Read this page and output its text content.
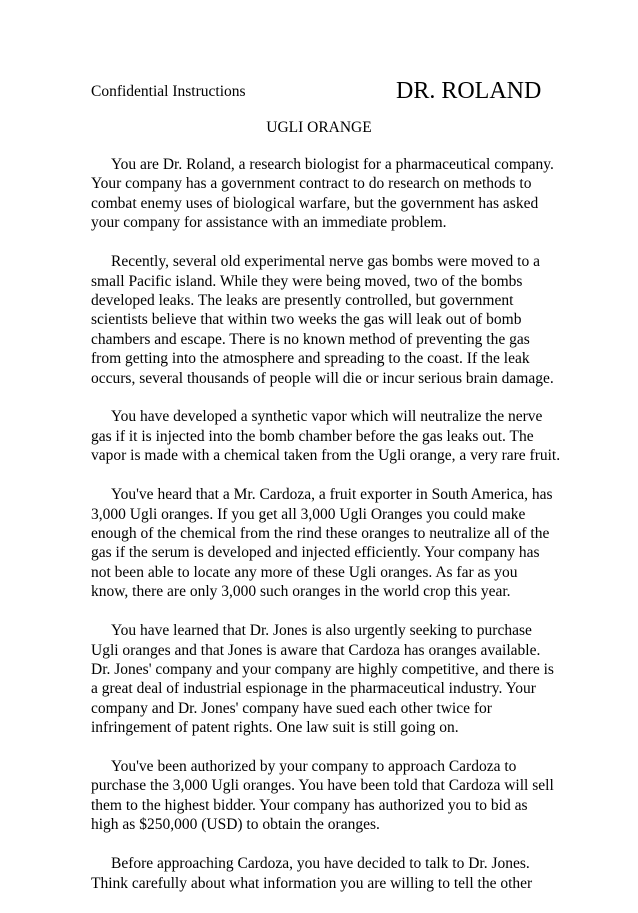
Confidential Instructions	DR. ROLAND
UGLI ORANGE
You are Dr. Roland, a research biologist for a pharmaceutical company.
Your company has a government contract to do research on methods to
combat enemy uses of biological warfare, but the government has asked
your company for assistance with an immediate problem.
Recently, several old experimental nerve gas bombs were moved to a
small Pacific island. While they were being moved, two of the bombs
developed leaks. The leaks are presently controlled, but government
scientists believe that within two weeks the gas will leak out of bomb
chambers and escape. There is no known method of preventing the gas
from getting into the atmosphere and spreading to the coast. If the leak
occurs, several thousands of people will die or incur serious brain damage.
You have developed a synthetic vapor which will neutralize the nerve
gas if it is injected into the bomb chamber before the gas leaks out. The
vapor is made with a chemical taken from the Ugli orange, a very rare fruit.
You've heard that a Mr. Cardoza, a fruit exporter in South America, has
3,000 Ugli oranges. If you get all 3,000 Ugli Oranges you could make
enough of the chemical from the rind these oranges to neutralize all of the
gas if the serum is developed and injected efficiently. Your company has
not been able to locate any more of these Ugli oranges. As far as you
know, there are only 3,000 such oranges in the world crop this year.
You have learned that Dr. Jones is also urgently seeking to purchase
Ugli oranges and that Jones is aware that Cardoza has oranges available.
Dr. Jones' company and your company are highly competitive, and there is
a great deal of industrial espionage in the pharmaceutical industry. Your
company and Dr. Jones' company have sued each other twice for
infringement of patent rights. One law suit is still going on.
You've been authorized by your company to approach Cardoza to
purchase the 3,000 Ugli oranges. You have been told that Cardoza will sell
them to the highest bidder. Your company has authorized you to bid as
high as $250,000 (USD) to obtain the oranges.
Before approaching Cardoza, you have decided to talk to Dr. Jones.
Think carefully about what information you are willing to tell the other
